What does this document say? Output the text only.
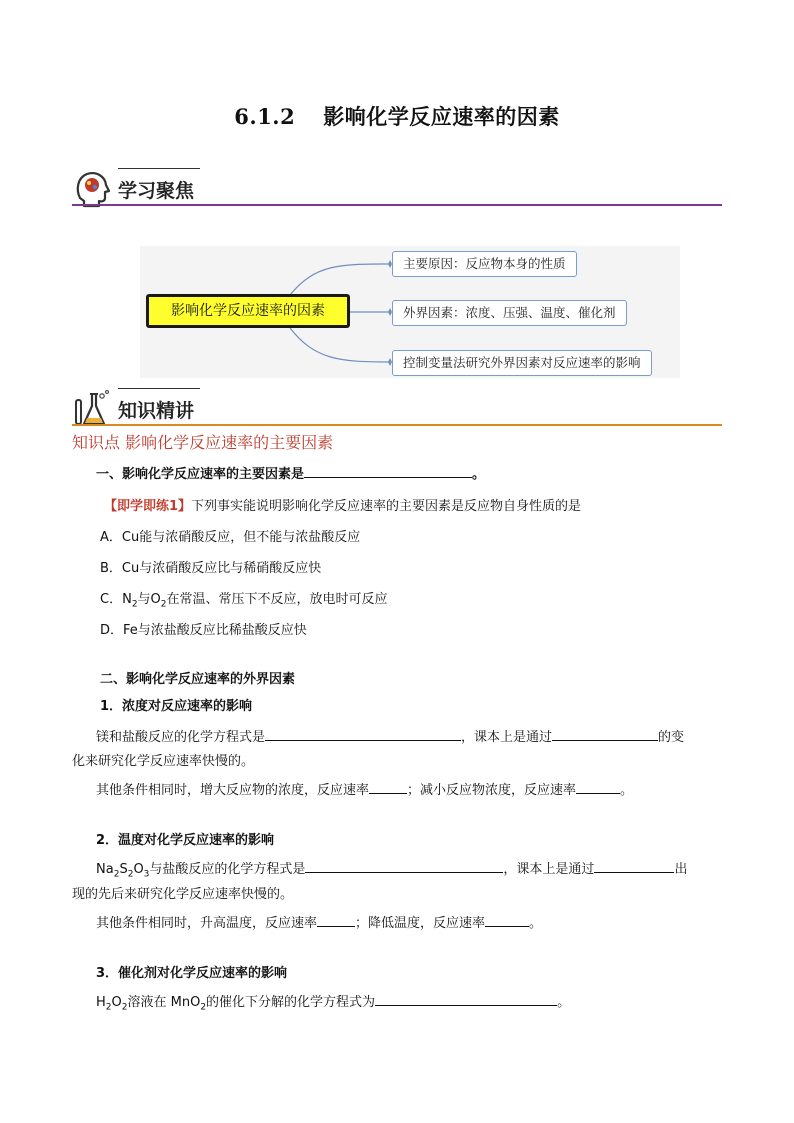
6.1.2 影响化学反应速率的因素
学习聚焦
影响化学反应速率的因素
主要原因：反应物本身的性质
外界因素：浓度、压强、温度、催化剂
控制变量法研究外界因素对反应速率的影响
知识精讲
知识点 影响化学反应速率的主要因素
一、影响化学反应速率的主要因素是	。
【即学即练1】下列事实能说明影响化学反应速率的主要因素是反应物自身性质的是
A．Cu能与浓硝酸反应，但不能与浓盐酸反应
B．Cu与浓硝酸反应比与稀硝酸反应快
C．$N_2$与$O_2$在常温、常压下不反应，放电时可反应
D．Fe与浓盐酸反应比稀盐酸反应快
二、影响化学反应速率的外界因素
1．浓度对反应速率的影响
镁和盐酸反应的化学方程式是	，课本上是通过	的变
化来研究化学反应速率快慢的。
其他条件相同时，增大反应物的浓度，反应速率	；减小反应物浓度，反应速率	。
2．温度对化学反应速率的影响
$Na_2S_2O_3$与盐酸反应的化学方程式是	，课本上是通过	出
现的先后来研究化学反应速率快慢的。
其他条件相同时，升高温度，反应速率	；降低温度，反应速率	。
3．催化剂对化学反应速率的影响
$H_2O_2$溶液在 MnO$_2$的催化下分解的化学方程式为	。
